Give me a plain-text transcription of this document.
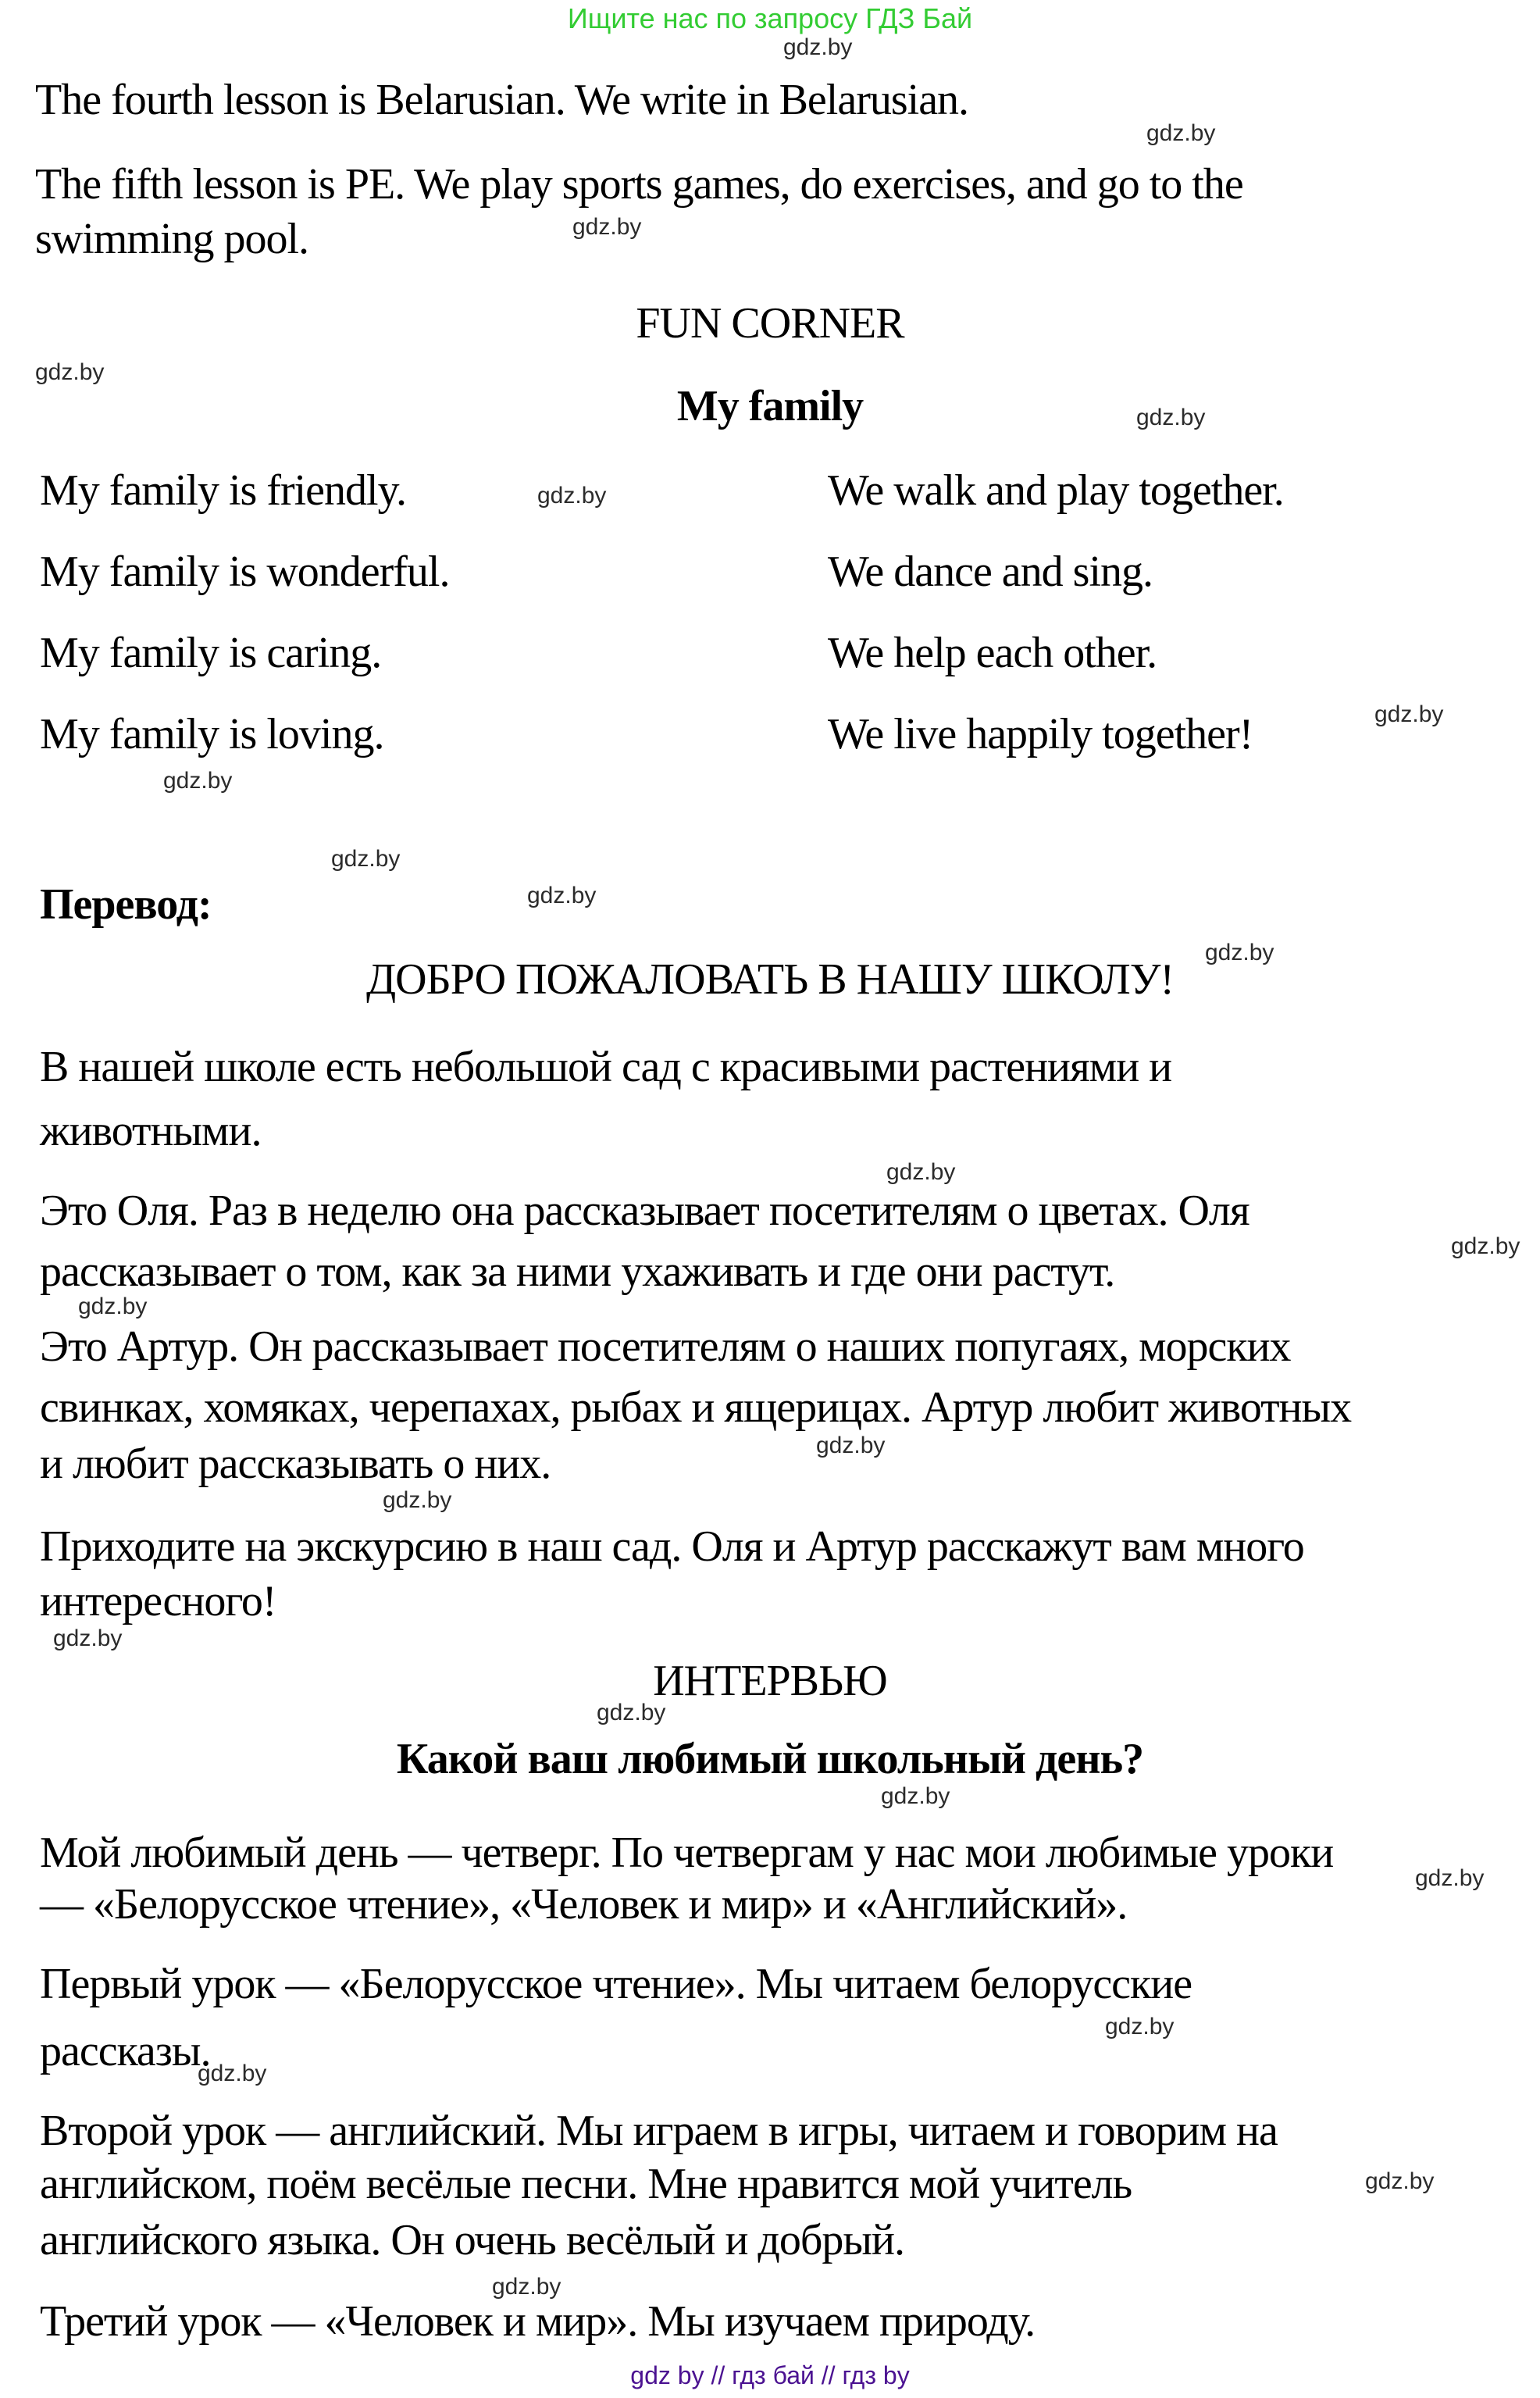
Ищите нас по запросу ГДЗ Бай
The fourth lesson is Belarusian. We write in Belarusian.
The fifth lesson is PE. We play sports games, do exercises, and go to the
swimming pool.
FUN CORNER
My family
My family is friendly.	We walk and play together.
My family is wonderful.	We dance and sing.
My family is caring.	We help each other.
My family is loving.	We live happily together!
Перевод:
ДОБРО ПОЖАЛОВАТЬ В НАШУ ШКОЛУ!
В нашей школе есть небольшой сад с красивыми растениями и
животными.
Это Оля. Раз в неделю она рассказывает посетителям о цветах. Оля
рассказывает о том, как за ними ухаживать и где они растут.
Это Артур. Он рассказывает посетителям о наших попугаях, морских
свинках, хомяках, черепахах, рыбах и ящерицах. Артур любит животных
и любит рассказывать о них.
Приходите на экскурсию в наш сад. Оля и Артур расскажут вам много
интересного!
ИНТЕРВЬЮ
Какой ваш любимый школьный день?
Мой любимый день — четверг. По четвергам у нас мои любимые уроки
— «Белорусское чтение», «Человек и мир» и «Английский».
Первый урок — «Белорусское чтение». Мы читаем белорусские
рассказы.
Второй урок — английский. Мы играем в игры, читаем и говорим на
английском, поём весёлые песни. Мне нравится мой учитель
английского языка. Он очень весёлый и добрый.
Третий урок — «Человек и мир». Мы изучаем природу.
gdz.by
gdz.by
gdz.by
gdz.by
gdz.by
gdz.by
gdz.by
gdz.by
gdz.by
gdz.by
gdz.by
gdz.by
gdz.by
gdz.by
gdz.by
gdz.by
gdz.by
gdz.by
gdz.by
gdz.by
gdz.by
gdz.by
gdz.by
gdz.by
gdz by // гдз бай // гдз by
